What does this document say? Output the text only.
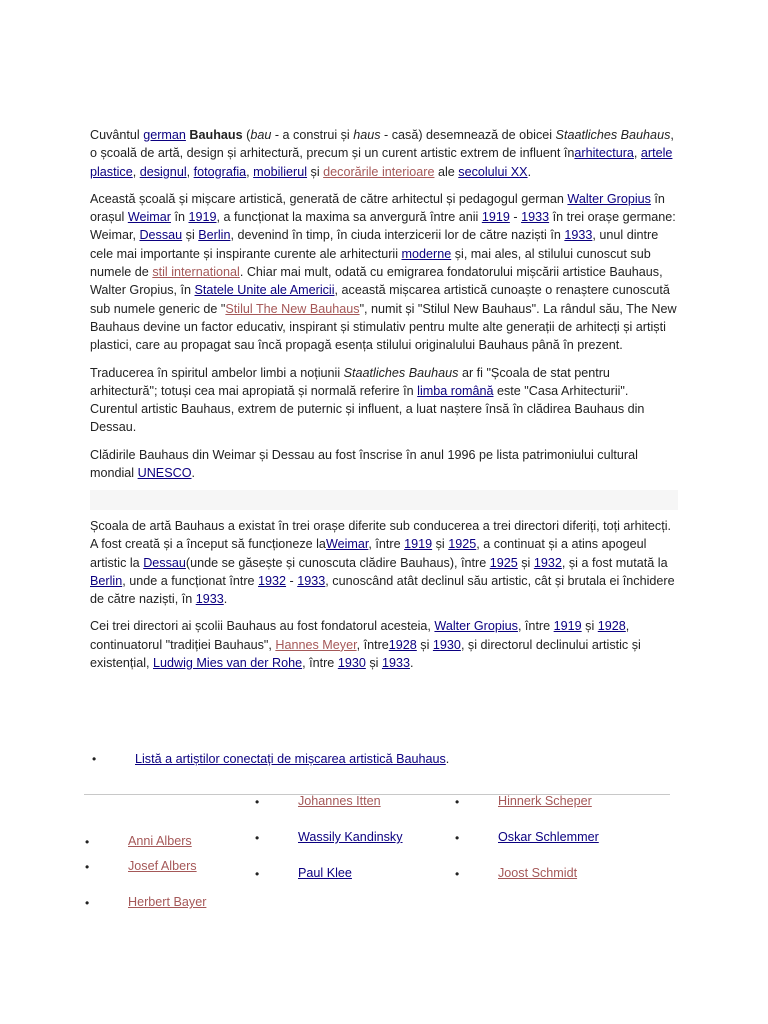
Cuvântul german Bauhaus (bau - a construi și haus - casă) desemnează de obicei Staatliches Bauhaus, o școală de artă, design și arhitectură, precum și un curent artistic extrem de influent înarhitectura, artele plastice, designul, fotografia, mobilierul și decorările interioare ale secolului XX.

Această școală și mișcare artistică, generată de către arhitectul și pedagogul german Walter Gropius în orașul Weimar în 1919, a funcționat la maxima sa anvergură între anii 1919 - 1933 în trei orașe germane: Weimar, Dessau și Berlin, devenind în timp, în ciuda interzicerii lor de către naziști în 1933, unul dintre cele mai importante și inspirante curente ale arhitecturii moderne și, mai ales, al stilului cunoscut sub numele de stil international. Chiar mai mult, odată cu emigrarea fondatorului mișcării artistice Bauhaus, Walter Gropius, în Statele Unite ale Americii, această mișcarea artistică cunoaște o renaștere cunoscută sub numele generic de "Stilul The New Bauhaus", numit și "Stilul New Bauhaus". La rândul său, The New Bauhaus devine un factor educativ, inspirant și stimulativ pentru multe alte generații de arhitecți și artiști plastici, care au propagat sau încă propagă esența stilului originalului Bauhaus până în prezent.

Traducerea în spiritul ambelor limbi a noțiunii Staatliches Bauhaus ar fi "Școala de stat pentru arhitectură"; totuși cea mai apropiată și normală referire în limba română este "Casa Arhitecturii". Curentul artistic Bauhaus, extrem de puternic și influent, a luat naștere însă în clădirea Bauhaus din Dessau.

Clădirile Bauhaus din Weimar și Dessau au fost înscrise în anul 1996 pe lista patrimoniului cultural mondial UNESCO.

Școala de artă Bauhaus a existat în trei orașe diferite sub conducerea a trei directori diferiți, toți arhitecți. A fost creată și a început să funcționeze laWeimar, între 1919 și 1925, a continuat și a atins apogeul artistic la Dessau(unde se găsește și cunoscuta clădire Bauhaus), între 1925 și 1932, și a fost mutată la Berlin, unde a funcționat între 1932 - 1933, cunoscând atât declinul său artistic, cât și brutala ei închidere de către naziști, în 1933.

Cei trei directori ai școlii Bauhaus au fost fondatorul acesteia, Walter Gropius, între 1919 și 1928, continuatorul "tradiției Bauhaus", Hannes Meyer, între1928 și 1930, și directorul declinului artistic și existențial, Ludwig Mies van der Rohe, între 1930 și 1933.

•	Listă a artiștilor conectați de mișcarea artistică Bauhaus.
•	Johannes Itten	•	Hinnerk Scheper
•	Wassily Kandinsky	•	Oskar Schlemmer
•	Anni Albers
•	Josef Albers
•	Paul Klee	•	Joost Schmidt
•	Herbert Bayer
